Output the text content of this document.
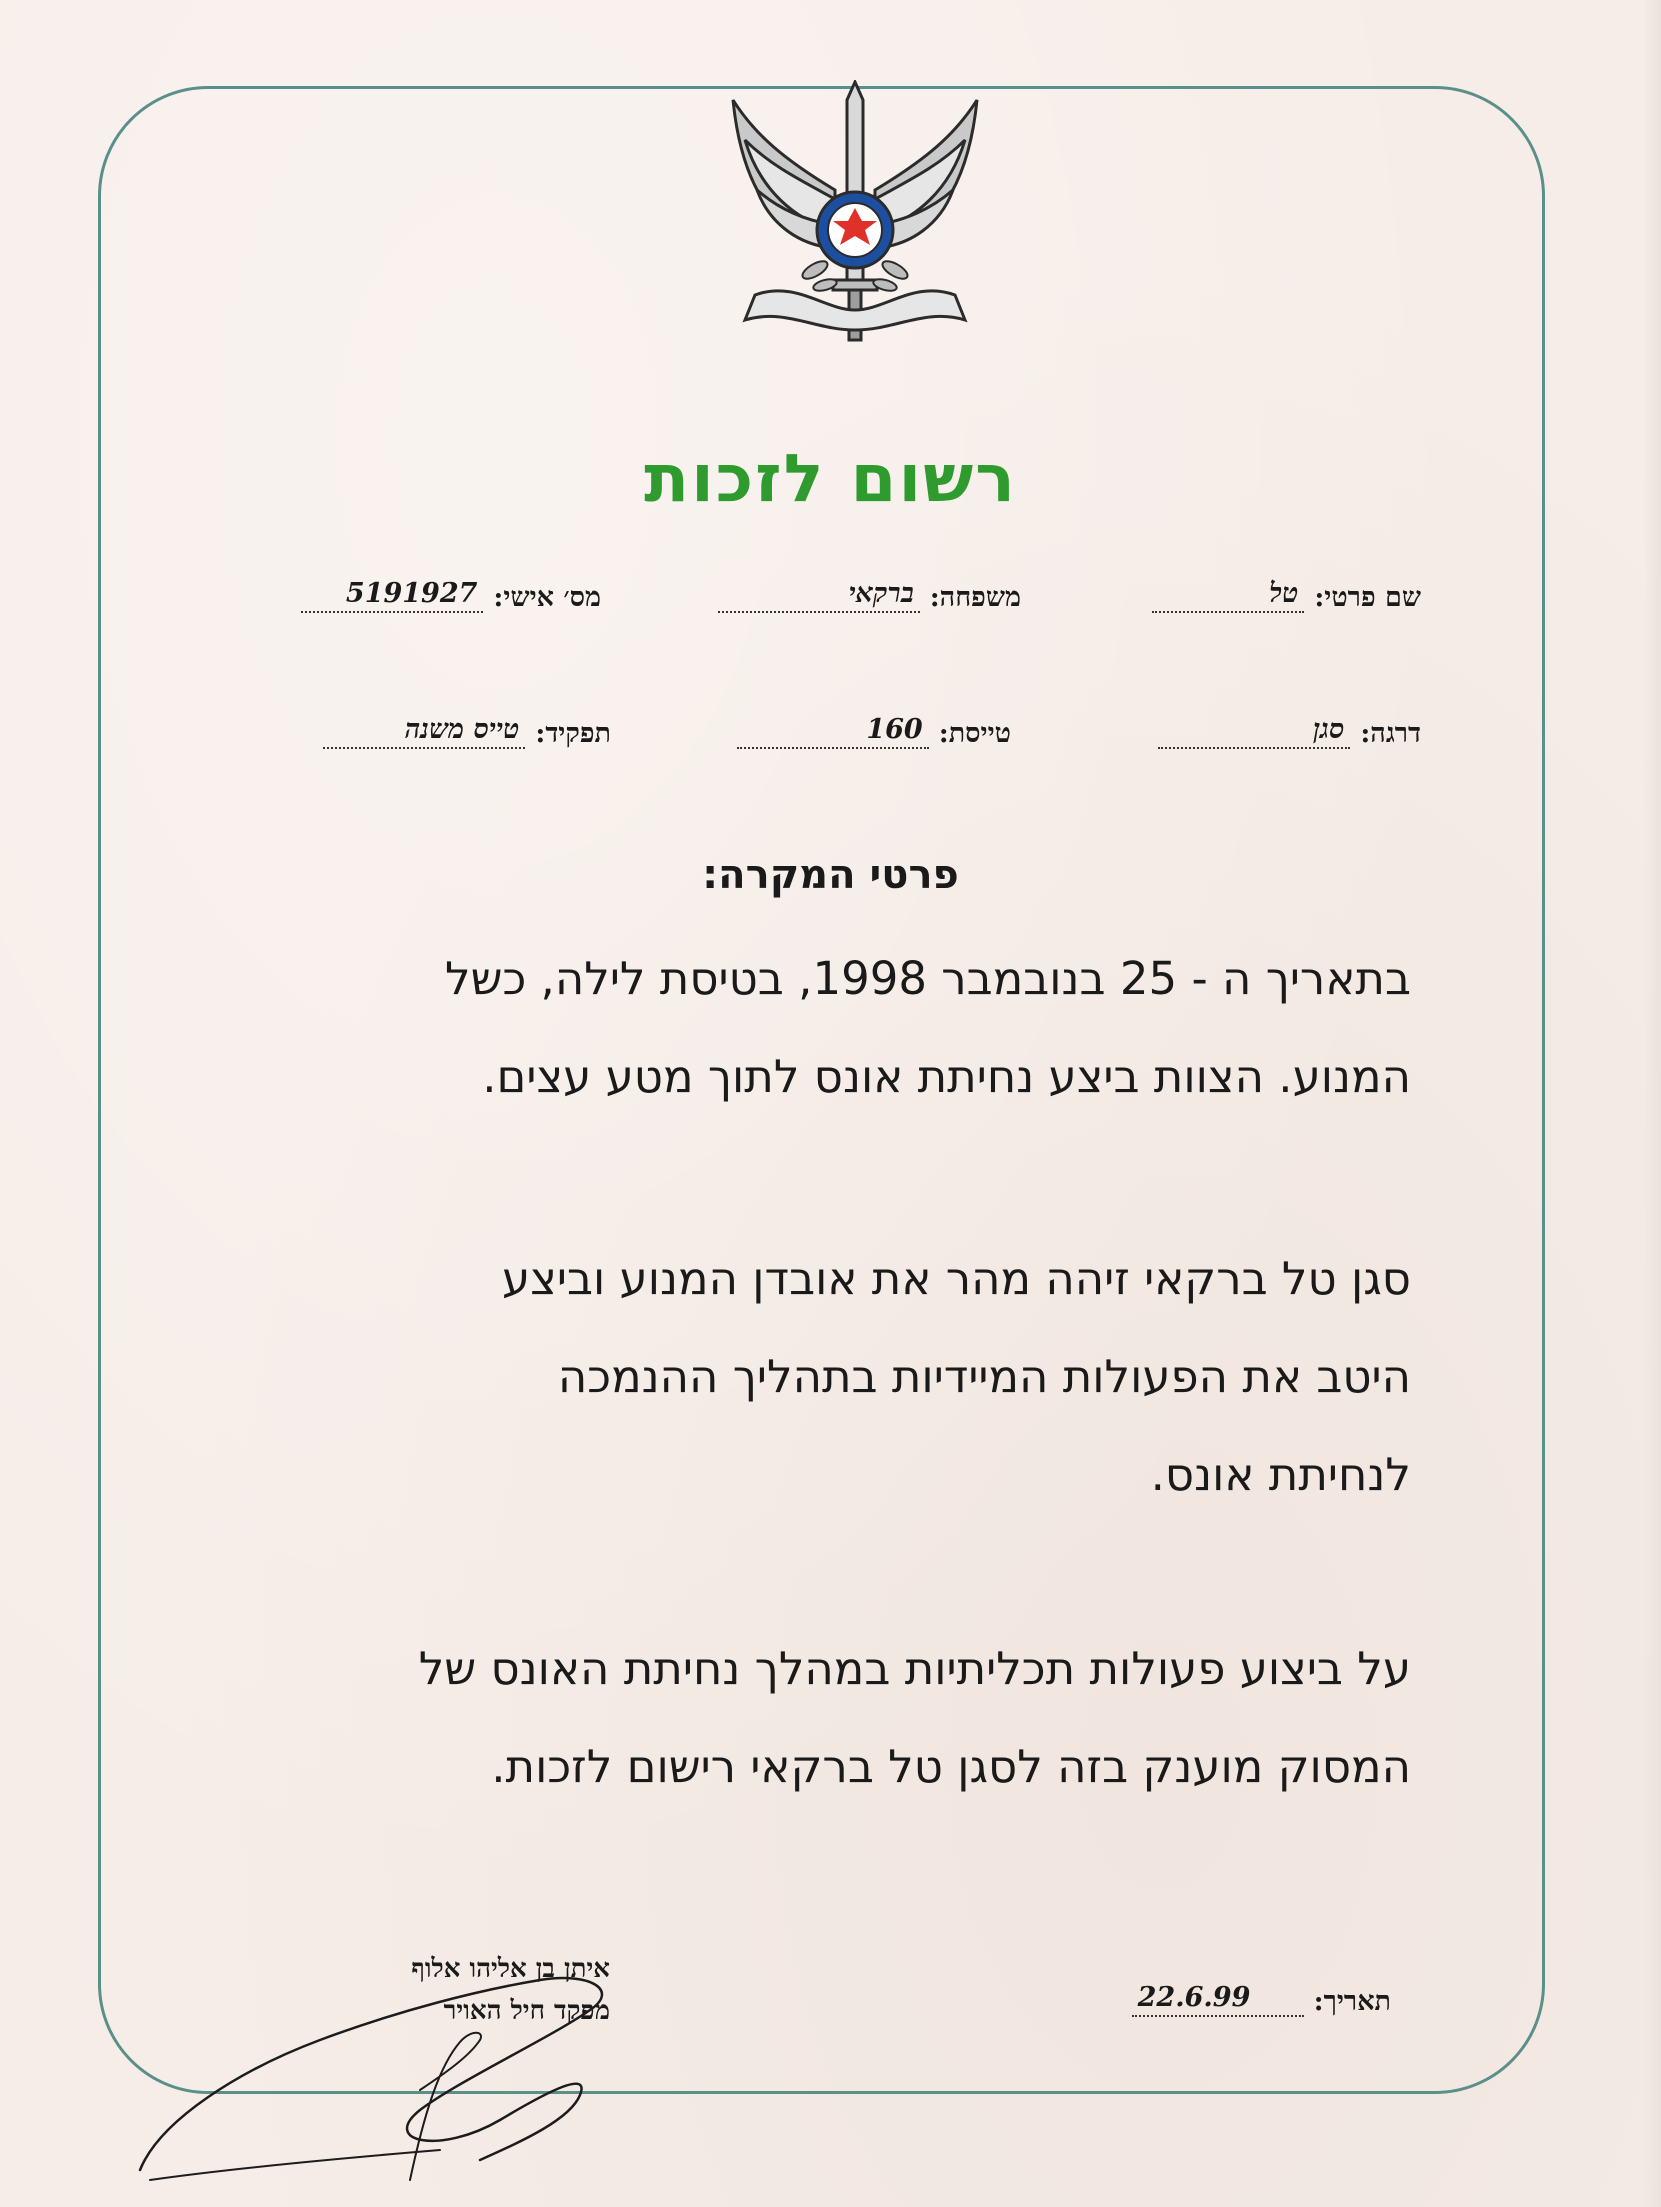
רשום לזכות
שם פרטי:
טל
משפחה:
ברקאי
מס׳ אישי:
5191927
דרגה:
סגן
טייסת:
160
תפקיד:
טייס משנה
פרטי המקרה:
בתאריך ה - 25 בנובמבר 1998, בטיסת לילה, כשל
המנוע. הצוות ביצע נחיתת אונס לתוך מטע עצים.
סגן טל ברקאי זיהה מהר את אובדן המנוע וביצע
היטב את הפעולות המיידיות בתהליך ההנמכה
לנחיתת אונס.
על ביצוע פעולות תכליתיות במהלך נחיתת האונס של
המסוק מוענק בזה לסגן טל ברקאי רישום לזכות.
תאריך:
22.6.99
איתן בן אליהו אלוף
מפקד חיל האויר
